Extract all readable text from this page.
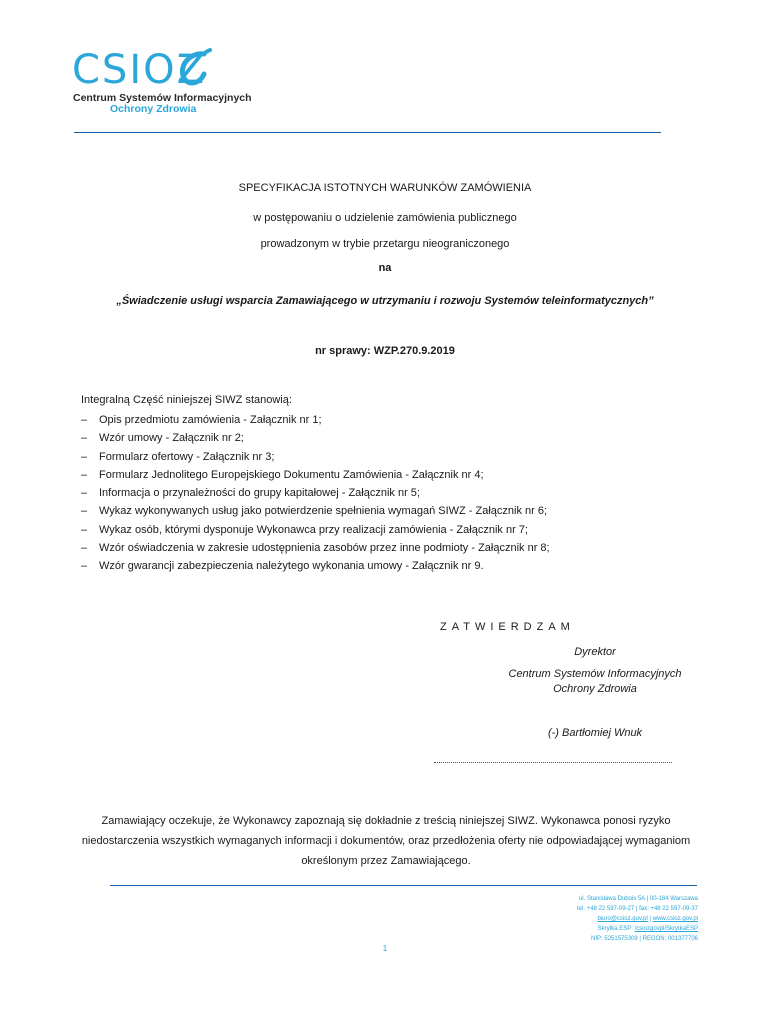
CSIOZ
Centrum Systemów Informacyjnych
Ochrony Zdrowia
SPECYFIKACJA ISTOTNYCH WARUNKÓW ZAMÓWIENIA
w postępowaniu o udzielenie zamówienia publicznego
prowadzonym w trybie przetargu nieograniczonego
na
„Świadczenie usługi wsparcia Zamawiającego w utrzymaniu i rozwoju Systemów teleinformatycznych”
nr sprawy: WZP.270.9.2019
Integralną Część niniejszej SIWZ stanowią:
– Opis przedmiotu zamówienia - Załącznik nr 1;
– Wzór umowy - Załącznik nr 2;
– Formularz ofertowy - Załącznik nr 3;
– Formularz Jednolitego Europejskiego Dokumentu Zamówienia - Załącznik nr 4;
– Informacja o przynależności do grupy kapitałowej - Załącznik nr 5;
– Wykaz wykonywanych usług jako potwierdzenie spełnienia wymagań SIWZ - Załącznik nr 6;
– Wykaz osób, którymi dysponuje Wykonawca przy realizacji zamówienia - Załącznik nr 7;
– Wzór oświadczenia w zakresie udostępnienia zasobów przez inne podmioty - Załącznik nr 8;
– Wzór gwarancji zabezpieczenia należytego wykonania umowy - Załącznik nr 9.
ZATWIERDZAM
Dyrektor
Centrum Systemów Informacyjnych
Ochrony Zdrowia
(-) Bartłomiej Wnuk
Zamawiający oczekuje, że Wykonawcy zapoznają się dokładnie z treścią niniejszej SIWZ. Wykonawca ponosi ryzyko niedostarczenia wszystkich wymaganych informacji i dokumentów, oraz przedłożenia oferty nie odpowiadającej wymaganiom określonym przez Zamawiającego.
ul. Stanisława Dubois 5A | 00-184 Warszawa
tel. +48 22 597-09-27 | fax: +48 22 597-09-37
biuro@csioz.gov.pl | www.csioz.gov.pl
Skrytka ESP: /csiozgovpl/SkrytkaESP
NIP: 5251575309 | REGON: 001377706
1
